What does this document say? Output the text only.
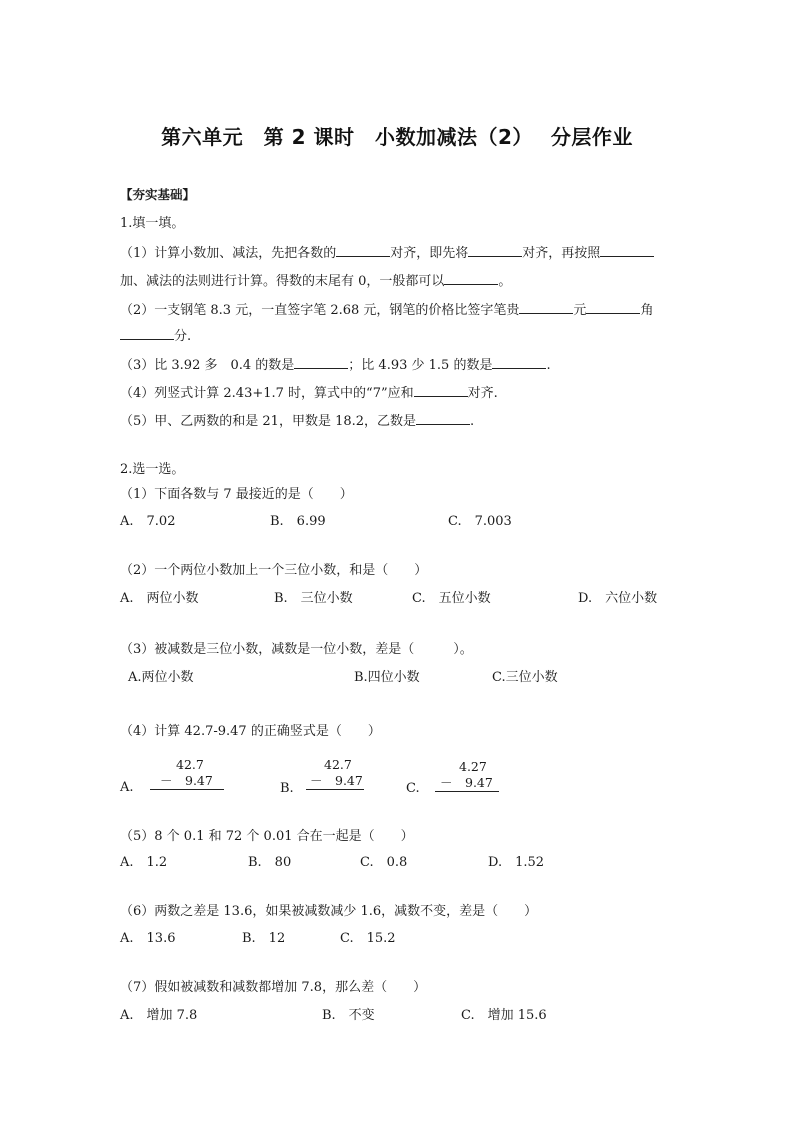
第六单元　第 2 课时　小数加减法（2）　 分层作业
【夯实基础】
1.填一填。
（1）计算小数加、减法，先把各数的	对齐，即先将	对齐，再按照
加、减法的法则进行计算。得数的末尾有 0，一般都可以	。
（2）一支钢笔 8.3 元，一直签字笔 2.68 元，钢笔的价格比签字笔贵	元	角
分.
（3）比 3.92 多　0.4 的数是	；比 4.93 少 1.5 的数是	.
（4）列竖式计算 2.43+1.7 时，算式中的“7”应和	对齐.
（5）甲、乙两数的和是 21，甲数是 18.2，乙数是	.
2.选一选。
（1）下面各数与 7 最接近的是（　　）
A.　7.02	B.　6.99	C.　7.003
（2）一个两位小数加上一个三位小数，和是（　　）
A.　两位小数	B.　三位小数	C.　五位小数	D.　六位小数
（3）被减数是三位小数，减数是一位小数，差是（　　　）。
A.两位小数	B.四位小数	C.三位小数
（4）计算 42.7-9.47 的正确竖式是（　　）
A.
42.7
－　9.47
B.
42.7
－　9.47
C.
4.27
－　9.47
（5）8 个 0.1 和 72 个 0.01 合在一起是（　　）
A.　1.2	B.　80	C.　0.8	D.　1.52
（6）两数之差是 13.6，如果被减数减少 1.6，减数不变，差是（　　）
A.　13.6	B.　12	C.　15.2
（7）假如被减数和减数都增加 7.8，那么差（　　）
A.　增加 7.8	B.　不变	C.　增加 15.6
